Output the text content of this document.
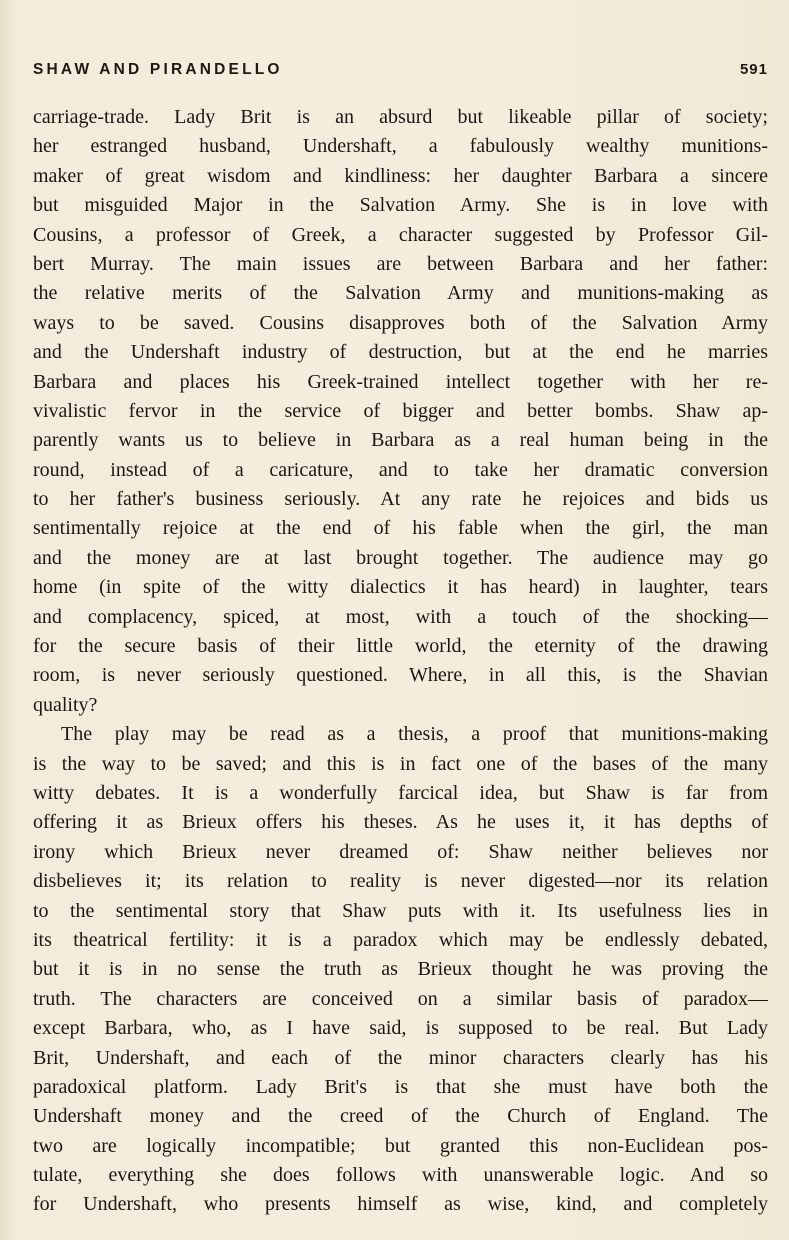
SHAW AND PIRANDELLO	591
carriage-trade. Lady Brit is an absurd but likeable pillar of society;
her estranged husband, Undershaft, a fabulously wealthy munitions-
maker of great wisdom and kindliness: her daughter Barbara a sincere
but misguided Major in the Salvation Army. She is in love with
Cousins, a professor of Greek, a character suggested by Professor Gil-
bert Murray. The main issues are between Barbara and her father:
the relative merits of the Salvation Army and munitions-making as
ways to be saved. Cousins disapproves both of the Salvation Army
and the Undershaft industry of destruction, but at the end he marries
Barbara and places his Greek-trained intellect together with her re-
vivalistic fervor in the service of bigger and better bombs. Shaw ap-
parently wants us to believe in Barbara as a real human being in the
round, instead of a caricature, and to take her dramatic conversion
to her father's business seriously. At any rate he rejoices and bids us
sentimentally rejoice at the end of his fable when the girl, the man
and the money are at last brought together. The audience may go
home (in spite of the witty dialectics it has heard) in laughter, tears
and complacency, spiced, at most, with a touch of the shocking—
for the secure basis of their little world, the eternity of the drawing
room, is never seriously questioned. Where, in all this, is the Shavian
quality?
The play may be read as a thesis, a proof that munitions-making
is the way to be saved; and this is in fact one of the bases of the many
witty debates. It is a wonderfully farcical idea, but Shaw is far from
offering it as Brieux offers his theses. As he uses it, it has depths of
irony which Brieux never dreamed of: Shaw neither believes nor
disbelieves it; its relation to reality is never digested—nor its relation
to the sentimental story that Shaw puts with it. Its usefulness lies in
its theatrical fertility: it is a paradox which may be endlessly debated,
but it is in no sense the truth as Brieux thought he was proving the
truth. The characters are conceived on a similar basis of paradox—
except Barbara, who, as I have said, is supposed to be real. But Lady
Brit, Undershaft, and each of the minor characters clearly has his
paradoxical platform. Lady Brit's is that she must have both the
Undershaft money and the creed of the Church of England. The
two are logically incompatible; but granted this non-Euclidean pos-
tulate, everything she does follows with unanswerable logic. And so
for Undershaft, who presents himself as wise, kind, and completely
